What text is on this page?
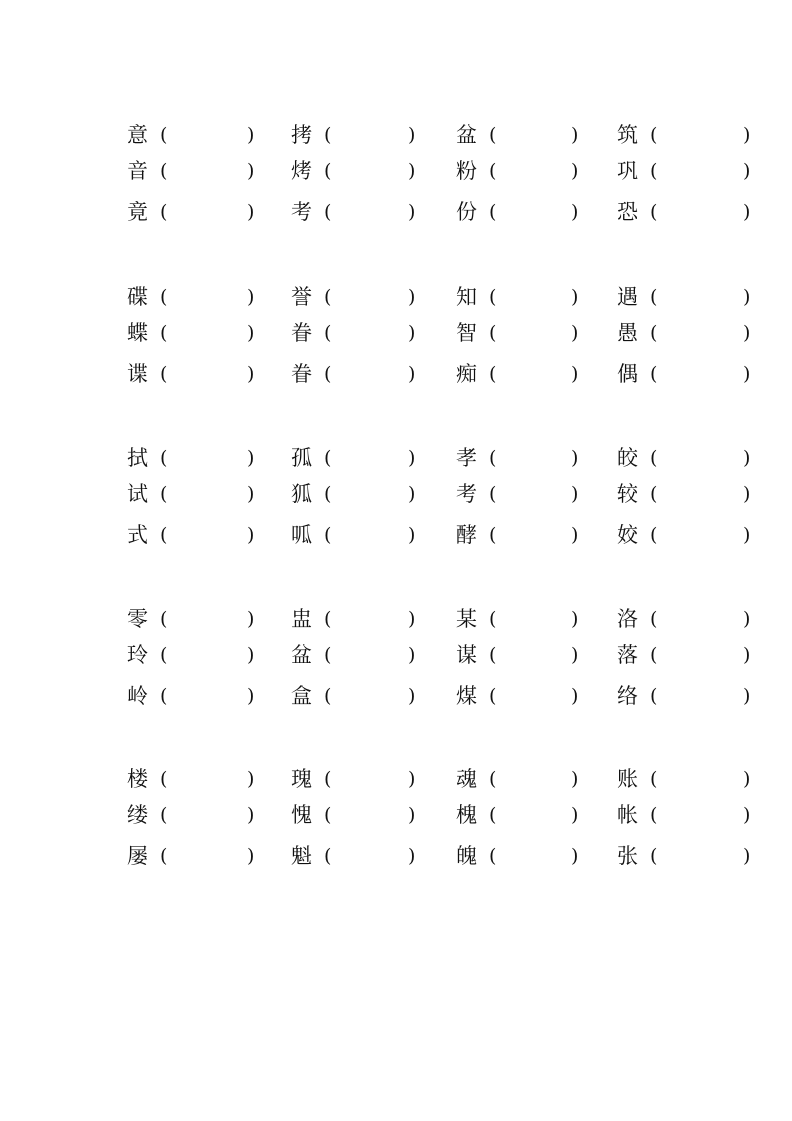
意 (	) 拷 (	) 盆 (	) 筑 (	)
音 (	) 烤 (	) 粉 (	) 巩 (	)
竟 (	) 考 (	) 份 (	) 恐 (	)
碟 (	) 誉 (	) 知 (	) 遇 (	)
蝶 (	) 眷 (	) 智 (	) 愚 (	)
谍 (	) 眷 (	) 痴 (	) 偶 (	)
拭 (	) 孤 (	) 孝 (	) 皎 (	)
试 (	) 狐 (	) 考 (	) 较 (	)
式 (	) 呱 (	) 酵 (	) 姣 (	)
零 (	) 盅 (	) 某 (	) 洛 (	)
玲 (	) 盆 (	) 谋 (	) 落 (	)
岭 (	) 盒 (	) 煤 (	) 络 (	)
楼 (	) 瑰 (	) 魂 (	) 账 (	)
缕 (	) 愧 (	) 槐 (	) 帐 (	)
屡 (	) 魁 (	) 魄 (	) 张 (	)
